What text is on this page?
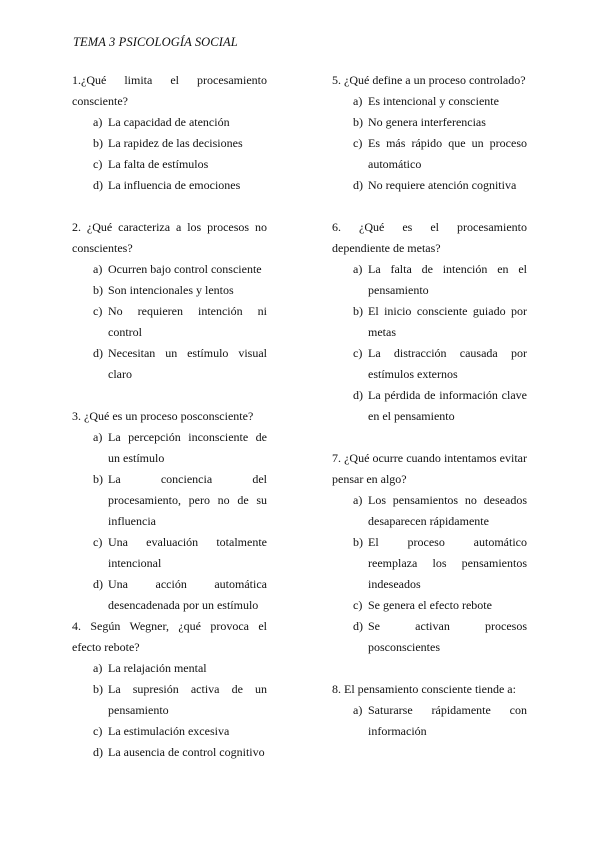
TEMA 3 PSICOLOGÍA SOCIAL
1.¿Qué limita el procesamiento consciente?
a) La capacidad de atención
b) La rapidez de las decisiones
c) La falta de estímulos
d) La influencia de emociones
2. ¿Qué caracteriza a los procesos no conscientes?
a) Ocurren bajo control consciente
b) Son intencionales y lentos
c) No requieren intención ni control
d) Necesitan un estímulo visual claro
3. ¿Qué es un proceso posconsciente?
a) La percepción inconsciente de un estímulo
b) La conciencia del procesamiento, pero no de su influencia
c) Una evaluación totalmente intencional
d) Una acción automática desencadenada por un estímulo
4. Según Wegner, ¿qué provoca el efecto rebote?
a) La relajación mental
b) La supresión activa de un pensamiento
c) La estimulación excesiva
d) La ausencia de control cognitivo
5. ¿Qué define a un proceso controlado?
a) Es intencional y consciente
b) No genera interferencias
c) Es más rápido que un proceso automático
d) No requiere atención cognitiva
6. ¿Qué es el procesamiento dependiente de metas?
a) La falta de intención en el pensamiento
b) El inicio consciente guiado por metas
c) La distracción causada por estímulos externos
d) La pérdida de información clave en el pensamiento
7. ¿Qué ocurre cuando intentamos evitar pensar en algo?
a) Los pensamientos no deseados desaparecen rápidamente
b) El proceso automático reemplaza los pensamientos indeseados
c) Se genera el efecto rebote
d) Se activan procesos posconscientes
8. El pensamiento consciente tiende a:
a) Saturarse rápidamente con información
